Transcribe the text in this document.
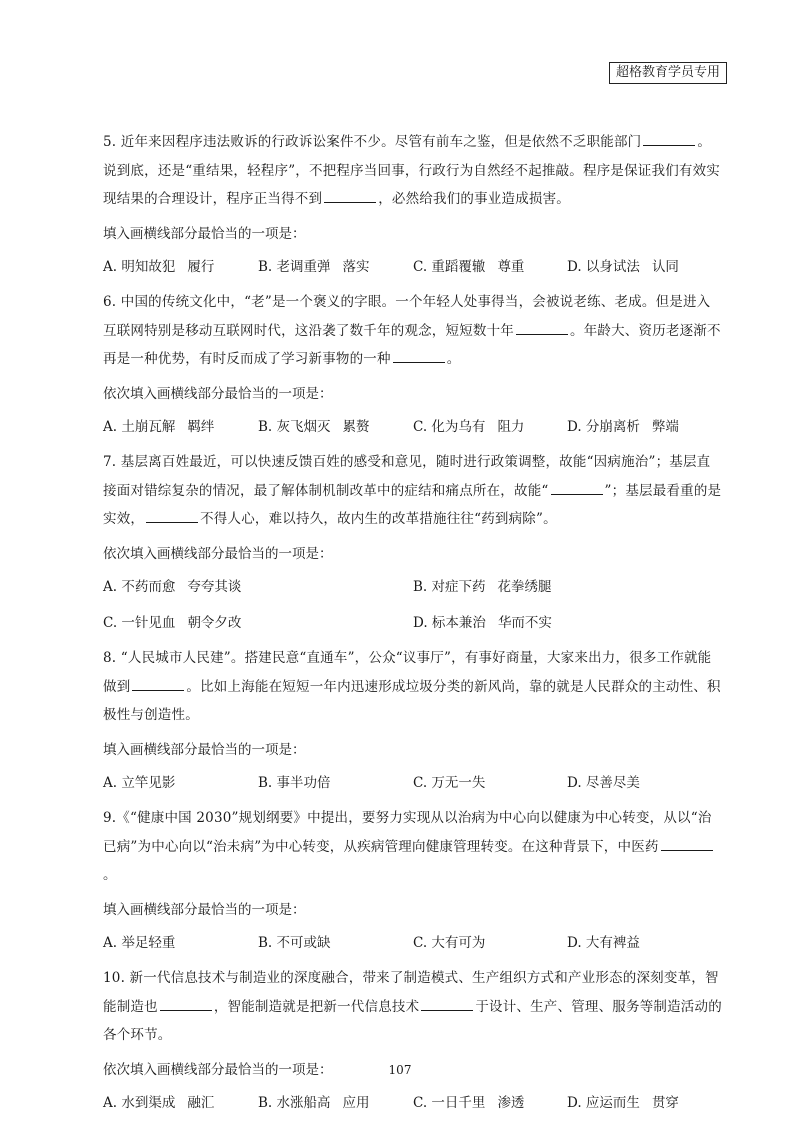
超格教育学员专用

5. 近年来因程序违法败诉的行政诉讼案件不少。尽管有前车之鉴，但是依然不乏职能部门	。说到底，还是“重结果，轻程序”，不把程序当回事，行政行为自然经不起推敲。程序是保证我们有效实现结果的合理设计，程序正当得不到	，必然给我们的事业造成损害。

填入画横线部分最恰当的一项是：
A. 明知故犯 履行	B. 老调重弹 落实	C. 重蹈覆辙 尊重	D. 以身试法 认同

6. 中国的传统文化中，“老”是一个褒义的字眼。一个年轻人处事得当，会被说老练、老成。但是进入互联网特别是移动互联网时代，这沿袭了数千年的观念，短短数十年	。年龄大、资历老逐渐不再是一种优势，有时反而成了学习新事物的一种	。

依次填入画横线部分最恰当的一项是：
A. 土崩瓦解 羁绊	B. 灰飞烟灭 累赘	C. 化为乌有 阻力	D. 分崩离析 弊端

7. 基层离百姓最近，可以快速反馈百姓的感受和意见，随时进行政策调整，故能“因病施治”；基层直接面对错综复杂的情况，最了解体制机制改革中的症结和痛点所在，故能“	”；基层最看重的是实效，	不得人心，难以持久，故内生的改革措施往往“药到病除”。

依次填入画横线部分最恰当的一项是：
A. 不药而愈 夸夸其谈	B. 对症下药 花拳绣腿
C. 一针见血 朝令夕改	D. 标本兼治 华而不实

8. “人民城市人民建”。搭建民意“直通车”，公众“议事厅”，有事好商量，大家来出力，很多工作就能做到	。比如上海能在短短一年内迅速形成垃圾分类的新风尚，靠的就是人民群众的主动性、积极性与创造性。

填入画横线部分最恰当的一项是：
A. 立竿见影	B. 事半功倍	C. 万无一失	D. 尽善尽美

9.《“健康中国 2030”规划纲要》中提出，要努力实现从以治病为中心向以健康为中心转变，从以“治已病”为中心向以“治未病”为中心转变，从疾病管理向健康管理转变。在这种背景下，中医药。

填入画横线部分最恰当的一项是：
A. 举足轻重	B. 不可或缺	C. 大有可为	D. 大有裨益

10. 新一代信息技术与制造业的深度融合，带来了制造模式、生产组织方式和产业形态的深刻变革，智能制造也	，智能制造就是把新一代信息技术	于设计、生产、管理、服务等制造活动的各个环节。

依次填入画横线部分最恰当的一项是：
A. 水到渠成 融汇	B. 水涨船高 应用	C. 一日千里 渗透	D. 应运而生 贯穿
107
